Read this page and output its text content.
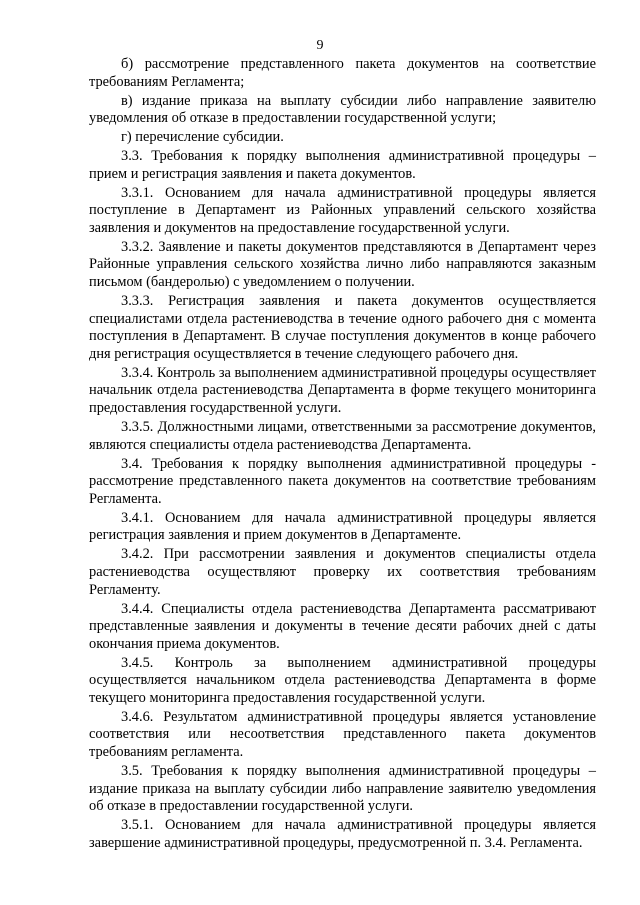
9

б) рассмотрение представленного пакета документов на соответствие требованиям Регламента;

в) издание приказа на выплату субсидии либо направление заявителю уведомления об отказе в предоставлении государственной услуги;

г) перечисление субсидии.

3.3. Требования к порядку выполнения административной процедуры – прием и регистрация заявления и пакета документов.

3.3.1. Основанием для начала административной процедуры является поступление в Департамент из Районных управлений сельского хозяйства заявления и документов на предоставление государственной услуги.

3.3.2. Заявление и пакеты документов представляются в Департамент через Районные управления сельского хозяйства лично либо направляются заказным письмом (бандеролью) с уведомлением о получении.

3.3.3. Регистрация заявления и пакета документов осуществляется специалистами отдела растениеводства в течение одного рабочего дня с момента поступления в Департамент. В случае поступления документов в конце рабочего дня регистрация осуществляется в течение следующего рабочего дня.

3.3.4. Контроль за выполнением административной процедуры осуществляет начальник отдела растениеводства Департамента в форме текущего мониторинга предоставления государственной услуги.

3.3.5. Должностными лицами, ответственными за рассмотрение документов, являются специалисты отдела растениеводства Департамента.

3.4. Требования к порядку выполнения административной процедуры - рассмотрение представленного пакета документов на соответствие требованиям Регламента.

3.4.1. Основанием для начала административной процедуры является регистрация заявления и прием документов в Департаменте.

3.4.2. При рассмотрении заявления и документов специалисты отдела растениеводства осуществляют проверку их соответствия требованиям Регламенту.

3.4.4. Специалисты отдела растениеводства Департамента рассматривают представленные заявления и документы в течение десяти рабочих дней с даты окончания приема документов.

3.4.5. Контроль за выполнением административной процедуры осуществляется начальником отдела растениеводства Департамента в форме текущего мониторинга предоставления государственной услуги.

3.4.6. Результатом административной процедуры является установление соответствия или несоответствия представленного пакета документов требованиям регламента.

3.5. Требования к порядку выполнения административной процедуры – издание приказа на выплату субсидии либо направление заявителю уведомления об отказе в предоставлении государственной услуги.

3.5.1. Основанием для начала административной процедуры является завершение административной процедуры, предусмотренной п. 3.4. Регламента.
